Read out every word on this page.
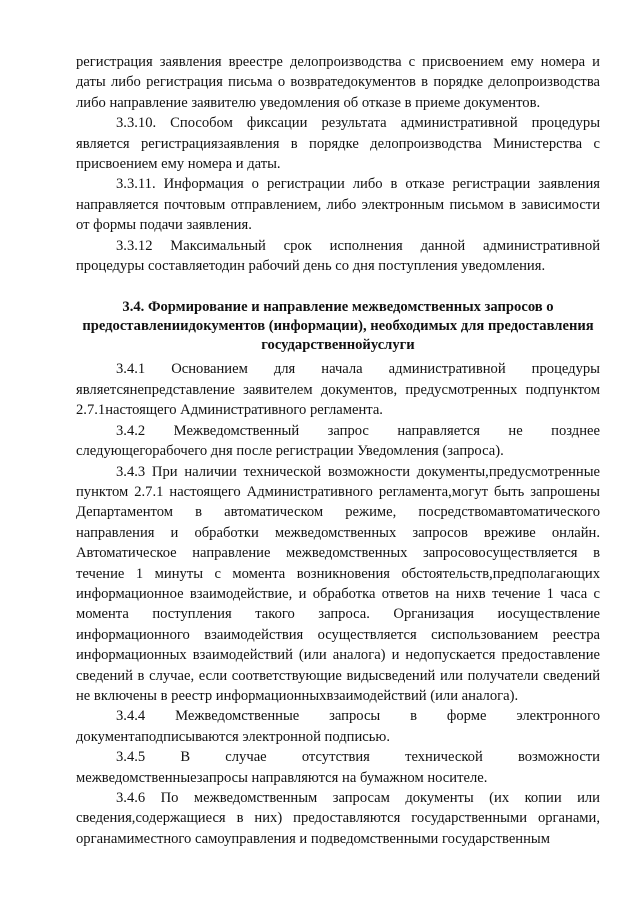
регистрация заявления вреестре делопроизводства с присвоением ему номера и даты либо регистрация письма о возвратедокументов в порядке делопроизводства либо направление заявителю уведомления об отказе в приеме документов.

3.3.10. Способом фиксации результата административной процедуры является регистрациязаявления в порядке делопроизводства Министерства с присвоением ему номера и даты.

3.3.11. Информация о регистрации либо в отказе регистрации заявления направляется почтовым отправлением, либо электронным письмом в зависимости от формы подачи заявления.

3.3.12 Максимальный срок исполнения данной административной процедуры составляетодин рабочий день со дня поступления уведомления.

3.4. Формирование и направление межведомственных запросов о предоставлениидокументов (информации), необходимых для предоставления государственнойуслуги

3.4.1 Основанием для начала административной процедуры являетсянепредставление заявителем документов, предусмотренных подпунктом 2.7.1настоящего Административного регламента.

3.4.2 Межведомственный запрос направляется не позднее следующегорабочего дня после регистрации Уведомления (запроса).

3.4.3 При наличии технической возможности документы,предусмотренные пунктом 2.7.1 настоящего Административного регламента,могут быть запрошены Департаментом в автоматическом режиме, посредствомавтоматического направления и обработки межведомственных запросов вреживе онлайн. Автоматическое направление межведомственных запросовосуществляется в течение 1 минуты с момента возникновения обстоятельств,предполагающих информационное взаимодействие, и обработка ответов на нихв течение 1 часа с момента поступления такого запроса. Организация иосуществление информационного взаимодействия осуществляется сиспользованием реестра информационных взаимодействий (или аналога) и недопускается предоставление сведений в случае, если соответствующие видысведений или получатели сведений не включены в реестр информационныхвзаимодействий (или аналога).

3.4.4 Межведомственные запросы в форме электронного документаподписываются электронной подписью.

3.4.5 В случае отсутствия технической возможности межведомственныезапросы направляются на бумажном носителе.

3.4.6 По межведомственным запросам документы (их копии или сведения,содержащиеся в них) предоставляются государственными органами, органамиместного самоуправления и подведомственными государственным
